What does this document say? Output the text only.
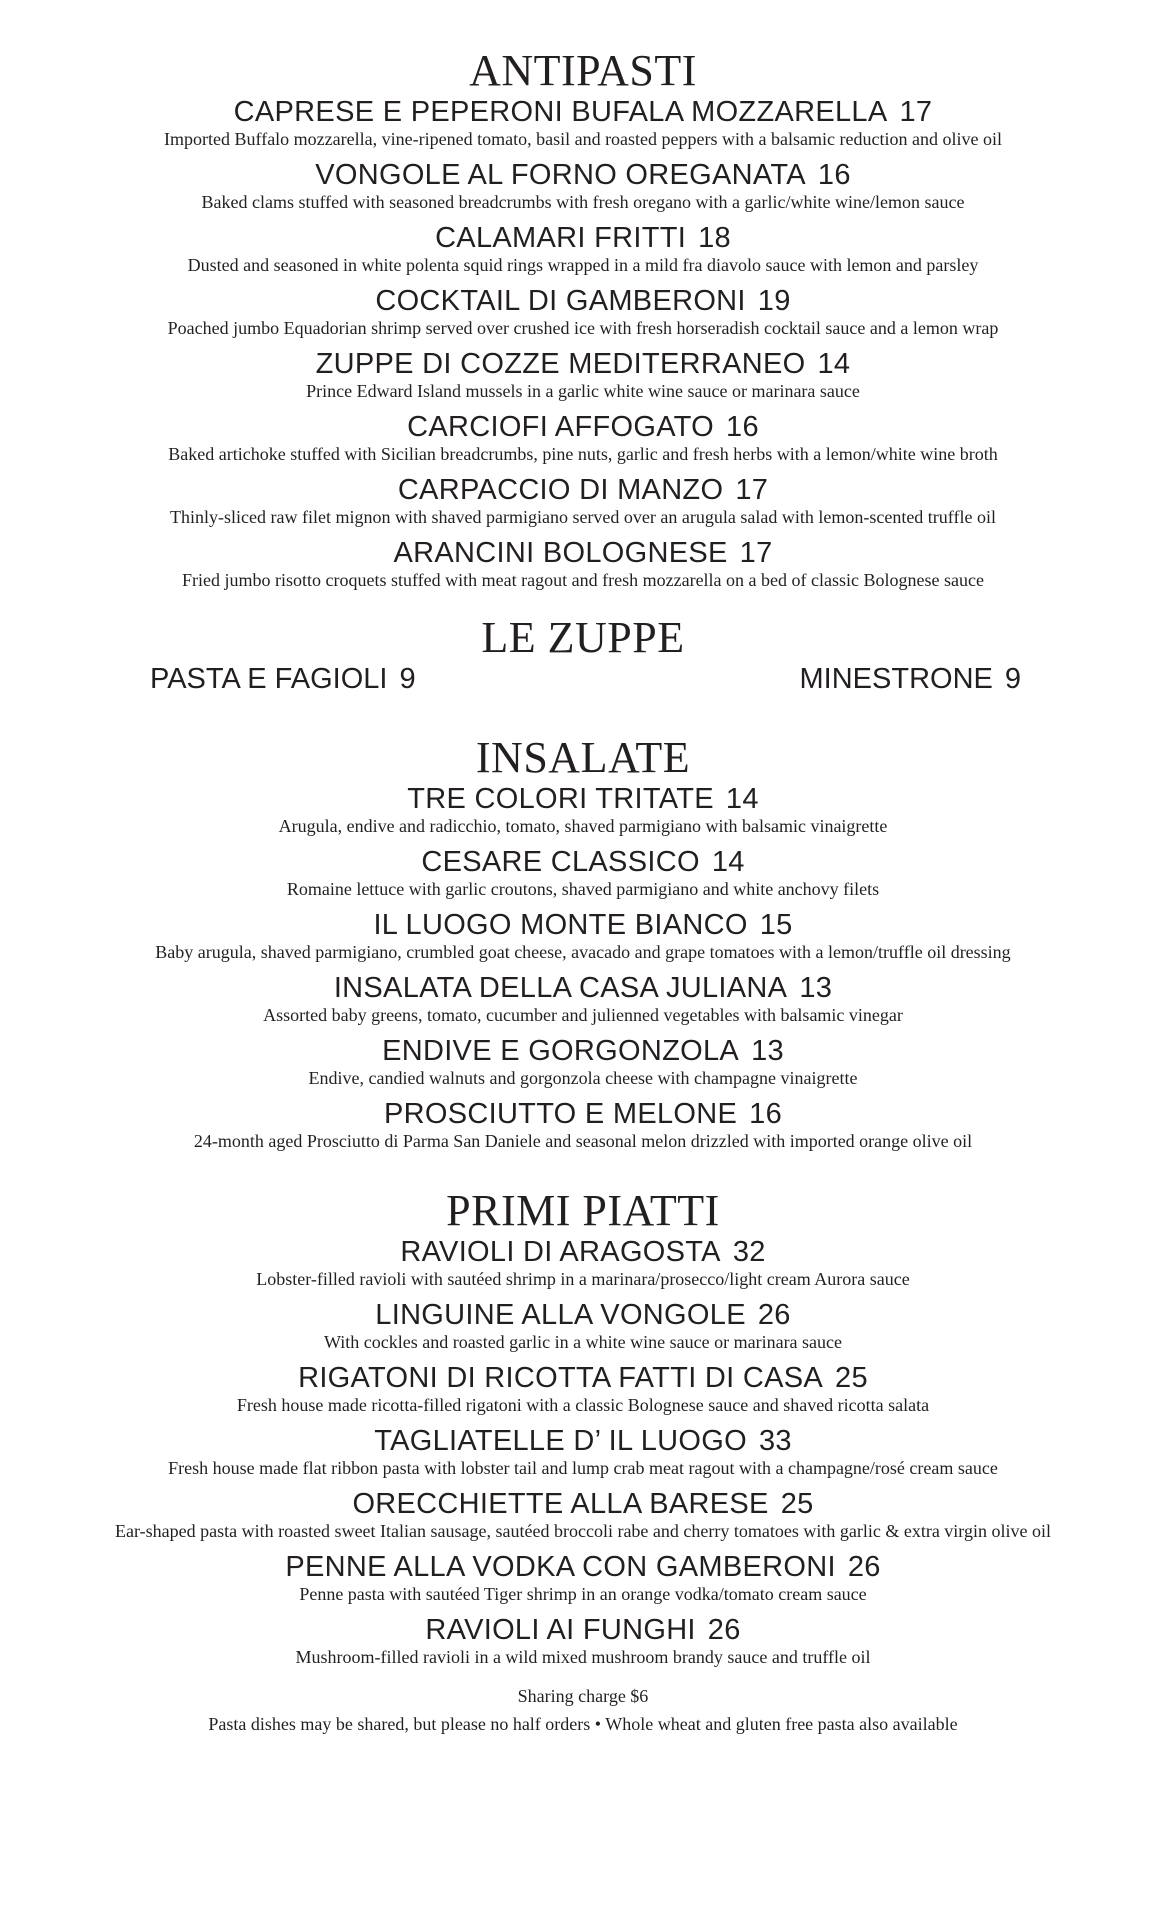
ANTIPASTI
CAPRESE E PEPERONI BUFALA MOZZARELLA 17
Imported Buffalo mozzarella, vine-ripened tomato, basil and roasted peppers with a balsamic reduction and olive oil
VONGOLE AL FORNO OREGANATA 16
Baked clams stuffed with seasoned breadcrumbs with fresh oregano with a garlic/white wine/lemon sauce
CALAMARI FRITTI 18
Dusted and seasoned in white polenta squid rings wrapped in a mild fra diavolo sauce with lemon and parsley
COCKTAIL DI GAMBERONI 19
Poached jumbo Equadorian shrimp served over crushed ice with fresh horseradish cocktail sauce and a lemon wrap
ZUPPE DI COZZE MEDITERRANEO 14
Prince Edward Island mussels in a garlic white wine sauce or marinara sauce
CARCIOFI AFFOGATO 16
Baked artichoke stuffed with Sicilian breadcrumbs, pine nuts, garlic and fresh herbs with a lemon/white wine broth
CARPACCIO DI MANZO 17
Thinly-sliced raw filet mignon with shaved parmigiano served over an arugula salad with lemon-scented truffle oil
ARANCINI BOLOGNESE 17
Fried jumbo risotto croquets stuffed with meat ragout and fresh mozzarella on a bed of classic Bolognese sauce
LE ZUPPE
PASTA E FAGIOLI 9	MINESTRONE 9
INSALATE
TRE COLORI TRITATE 14
Arugula, endive and radicchio, tomato, shaved parmigiano with balsamic vinaigrette
CESARE CLASSICO 14
Romaine lettuce with garlic croutons, shaved parmigiano and white anchovy filets
IL LUOGO MONTE BIANCO 15
Baby arugula, shaved parmigiano, crumbled goat cheese, avacado and grape tomatoes with a lemon/truffle oil dressing
INSALATA DELLA CASA JULIANA 13
Assorted baby greens, tomato, cucumber and julienned vegetables with balsamic vinegar
ENDIVE E GORGONZOLA 13
Endive, candied walnuts and gorgonzola cheese with champagne vinaigrette
PROSCIUTTO E MELONE 16
24-month aged Prosciutto di Parma San Daniele and seasonal melon drizzled with imported orange olive oil
PRIMI PIATTI
RAVIOLI DI ARAGOSTA 32
Lobster-filled ravioli with sautéed shrimp in a marinara/prosecco/light cream Aurora sauce
LINGUINE ALLA VONGOLE 26
With cockles and roasted garlic in a white wine sauce or marinara sauce
RIGATONI DI RICOTTA FATTI DI CASA 25
Fresh house made ricotta-filled rigatoni with a classic Bolognese sauce and shaved ricotta salata
TAGLIATELLE D’ IL LUOGO 33
Fresh house made flat ribbon pasta with lobster tail and lump crab meat ragout with a champagne/rosé cream sauce
ORECCHIETTE ALLA BARESE 25
Ear-shaped pasta with roasted sweet Italian sausage, sautéed broccoli rabe and cherry tomatoes with garlic & extra virgin olive oil
PENNE ALLA VODKA CON GAMBERONI 26
Penne pasta with sautéed Tiger shrimp in an orange vodka/tomato cream sauce
RAVIOLI AI FUNGHI 26
Mushroom-filled ravioli in a wild mixed mushroom brandy sauce and truffle oil
Sharing charge $6
Pasta dishes may be shared, but please no half orders • Whole wheat and gluten free pasta also available
